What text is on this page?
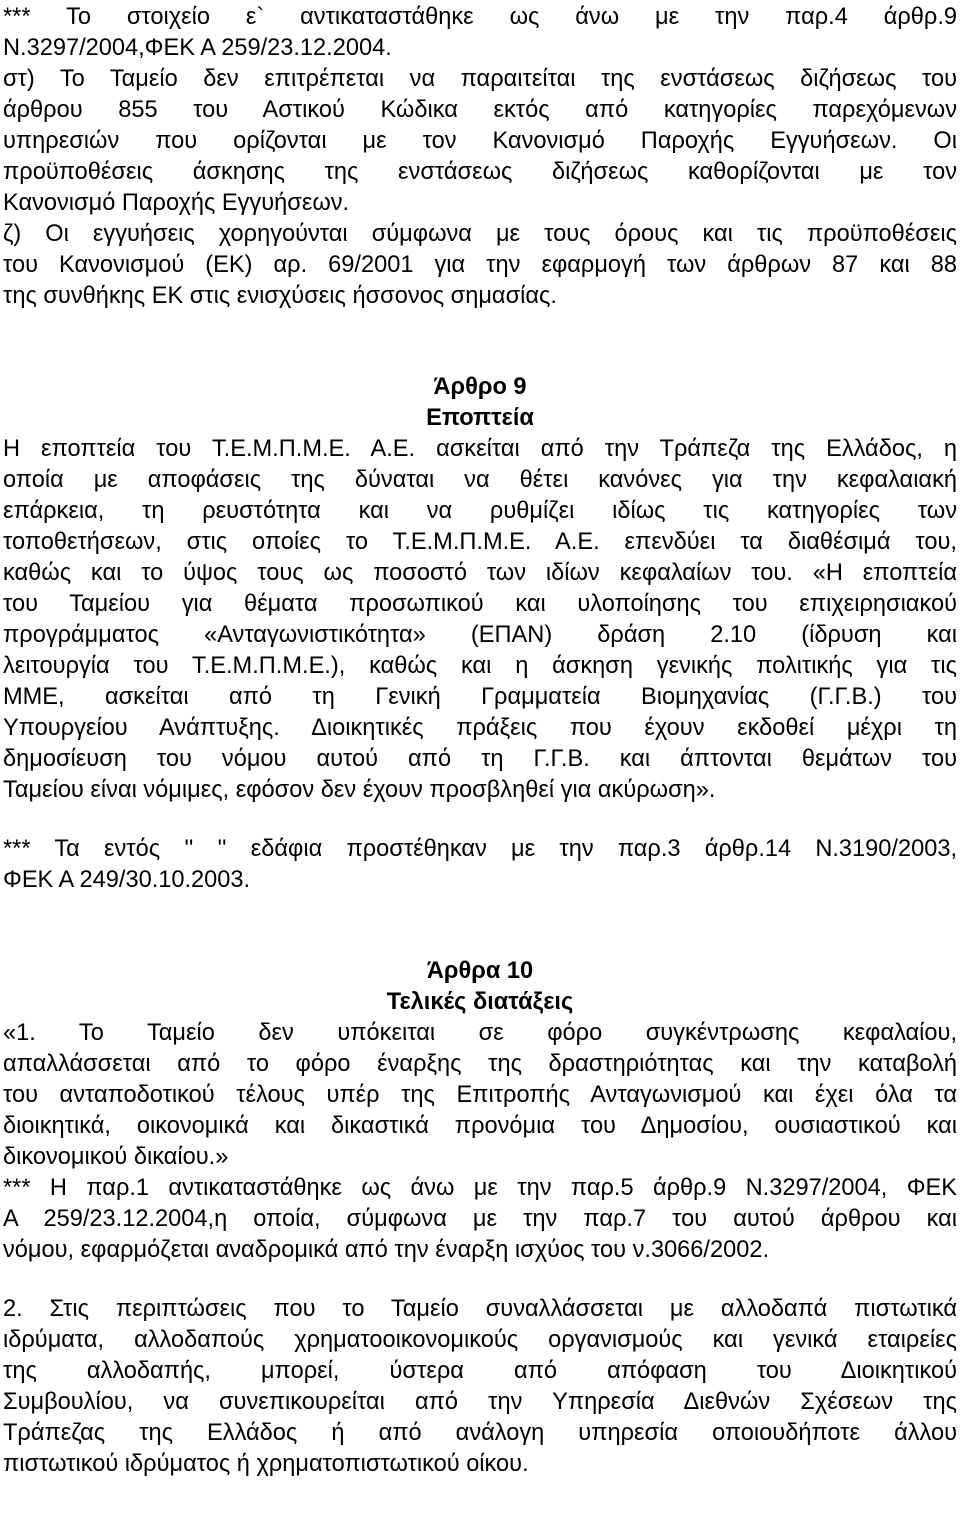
*** Το στοιχείο ε` αντικαταστάθηκε ως άνω με την παρ.4 άρθρ.9
Ν.3297/2004,ΦΕΚ Α 259/23.12.2004.
στ) Το Ταμείο δεν επιτρέπεται να παραιτείται της ενστάσεως διζήσεως του
άρθρου 855 του Αστικού Κώδικα εκτός από κατηγορίες παρεχόμενων
υπηρεσιών που ορίζονται με τον Κανονισμό Παροχής Εγγυήσεων. Οι
προϋποθέσεις άσκησης της ενστάσεως διζήσεως καθορίζονται με τον
Κανονισμό Παροχής Εγγυήσεων.
ζ) Οι εγγυήσεις χορηγούνται σύμφωνα με τους όρους και τις προϋποθέσεις
του Κανονισμού (ΕΚ) αρ. 69/2001 για την εφαρμογή των άρθρων 87 και 88
της συνθήκης ΕΚ στις ενισχύσεις ήσσονος σημασίας.
Άρθρο 9
Εποπτεία
Η εποπτεία του Τ.Ε.Μ.Π.Μ.Ε. Α.Ε. ασκείται από την Τράπεζα της Ελλάδος, η
οποία με αποφάσεις της δύναται να θέτει κανόνες για την κεφαλαιακή
επάρκεια, τη ρευστότητα και να ρυθμίζει ιδίως τις κατηγορίες των
τοποθετήσεων, στις οποίες το Τ.Ε.Μ.Π.Μ.Ε. Α.Ε. επενδύει τα διαθέσιμά του,
καθώς και το ύψος τους ως ποσοστό των ιδίων κεφαλαίων του. «Η εποπτεία
του Ταμείου για θέματα προσωπικού και υλοποίησης του επιχειρησιακού
προγράμματος «Ανταγωνιστικότητα» (ΕΠΑΝ) δράση 2.10 (ίδρυση και
λειτουργία του Τ.Ε.Μ.Π.Μ.Ε.), καθώς και η άσκηση γενικής πολιτικής για τις
ΜΜΕ, ασκείται από τη Γενική Γραμματεία Βιομηχανίας (Γ.Γ.Β.) του
Υπουργείου Ανάπτυξης. Διοικητικές πράξεις που έχουν εκδοθεί μέχρι τη
δημοσίευση του νόμου αυτού από τη Γ.Γ.Β. και άπτονται θεμάτων του
Ταμείου είναι νόμιμες, εφόσον δεν έχουν προσβληθεί για ακύρωση».
*** Τα εντός '' '' εδάφια προστέθηκαν με την παρ.3 άρθρ.14 Ν.3190/2003,
ΦΕΚ Α 249/30.10.2003.
Άρθρα 10
Τελικές διατάξεις
«1. Το Ταμείο δεν υπόκειται σε φόρο συγκέντρωσης κεφαλαίου,
απαλλάσσεται από το φόρο έναρξης της δραστηριότητας και την καταβολή
του ανταποδοτικού τέλους υπέρ της Επιτροπής Ανταγωνισμού και έχει όλα τα
διοικητικά, οικονομικά και δικαστικά προνόμια του Δημοσίου, ουσιαστικού και
δικονομικού δικαίου.»
*** Η παρ.1 αντικαταστάθηκε ως άνω με την παρ.5 άρθρ.9 Ν.3297/2004, ΦΕΚ
Α 259/23.12.2004,η οποία, σύμφωνα με την παρ.7 του αυτού άρθρου και
νόμου, εφαρμόζεται αναδρομικά από την έναρξη ισχύος του ν.3066/2002.
2. Στις περιπτώσεις που το Ταμείο συναλλάσσεται με αλλοδαπά πιστωτικά
ιδρύματα, αλλοδαπούς χρηματοοικονομικούς οργανισμούς και γενικά εταιρείες
της αλλοδαπής, μπορεί, ύστερα από απόφαση του Διοικητικού
Συμβουλίου, να συνεπικουρείται από την Υπηρεσία Διεθνών Σχέσεων της
Τράπεζας της Ελλάδος ή από ανάλογη υπηρεσία οποιουδήποτε άλλου
πιστωτικού ιδρύματος ή χρηματοπιστωτικού οίκου.
